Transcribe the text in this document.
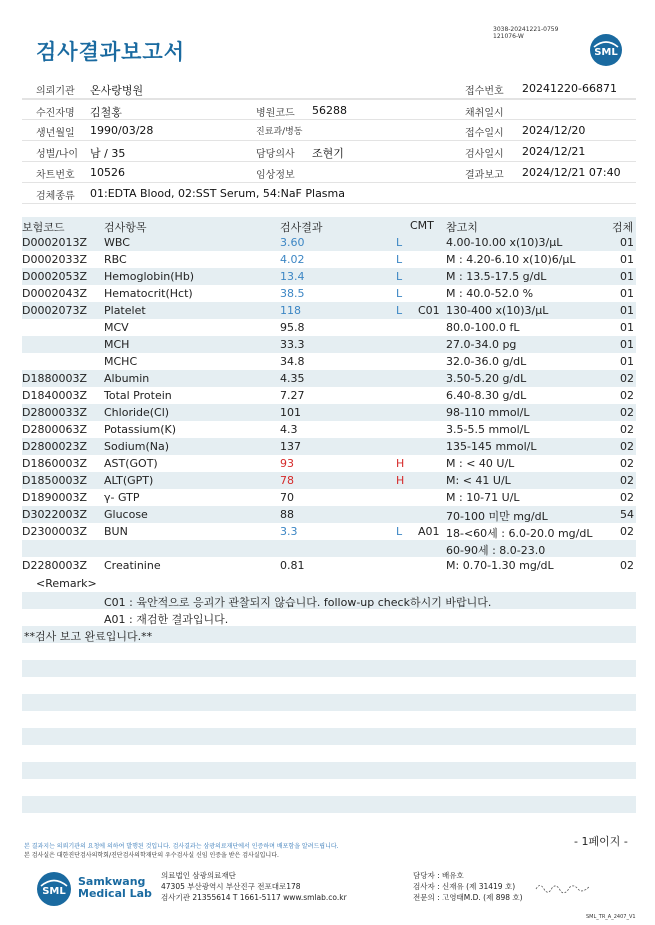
검사결과보고서
3038-20241221-0759
121076-W
SML
의뢰기관 온사랑병원	접수번호 20241220-66871
수진자명 김철홍	병원코드 56288	채취일시
생년월일 1990/03/28	진료과/병동	접수일시 2024/12/20
성별/나이 남 / 35	담당의사 조현기	검사일시 2024/12/21
차트번호 10526	임상정보	결과보고 2024/12/21 07:40
검체종류 01:EDTA Blood, 02:SST Serum, 54:NaF Plasma
보험코드	검사항목	검사결과	CMT 참고치	검체
D0002013Z WBC	3.60	L	4.00-10.00 x(10)3/μL	01
D0002033Z RBC	4.02	L	M : 4.20-6.10 x(10)6/μL	01
D0002053Z Hemoglobin(Hb)	13.4	L	M : 13.5-17.5 g/dL	01
D0002043Z Hematocrit(Hct)	38.5	L	M : 40.0-52.0 %	01
D0002073Z Platelet	118	L C01 130-400 x(10)3/μL	01
MCV	95.8	80.0-100.0 fL	01
MCH	33.3	27.0-34.0 pg	01
MCHC	34.8	32.0-36.0 g/dL	01
D1880003Z Albumin	4.35	3.50-5.20 g/dL	02
D1840003Z Total Protein	7.27	6.40-8.30 g/dL	02
D2800033Z Chloride(Cl)	101	98-110 mmol/L	02
D2800063Z Potassium(K)	4.3	3.5-5.5 mmol/L	02
D2800023Z Sodium(Na)	137	135-145 mmol/L	02
D1860003Z AST(GOT)	93	H	M : < 40 U/L	02
D1850003Z ALT(GPT)	78	H	M: < 41 U/L	02
D1890003Z γ- GTP	70	M : 10-71 U/L	02
D3022003Z Glucose	88	70-100 미만 mg/dL	54
D2300003Z BUN	3.3	L A01 18-<60세 : 6.0-20.0 mg/dL	02
60-90세 : 8.0-23.0
D2280003Z Creatinine	0.81	M: 0.70-1.30 mg/dL	02
<Remark>
C01 : 육안적으로 응괴가 관찰되지 않습니다. follow-up check하시기 바랍니다.
A01 : 재검한 결과입니다.
**검사 보고 완료입니다.**
- 1페이지 -
본 결과지는 의뢰기관의 요청에 의하여 발행된 것입니다. 검사결과는 삼광의료재단에서 인증하며 배포함을 알려드립니다.
본 검사실은 대한진단검사의학회/진단검사의학재단의 우수검사실 신임 인증을 받은 검사실입니다.
SML
Samkwang
Medical Lab
의료법인 삼광의료재단
47305 부산광역시 부산진구 전포대로178
검사기관 21355614 T 1661-5117 www.smlab.co.kr
담당자 : 배유호
검사자 : 신재유 (제 31419 호)
전문의 : 고영태M.D. (제 898 호)
SML_TR_A_2407_V1
